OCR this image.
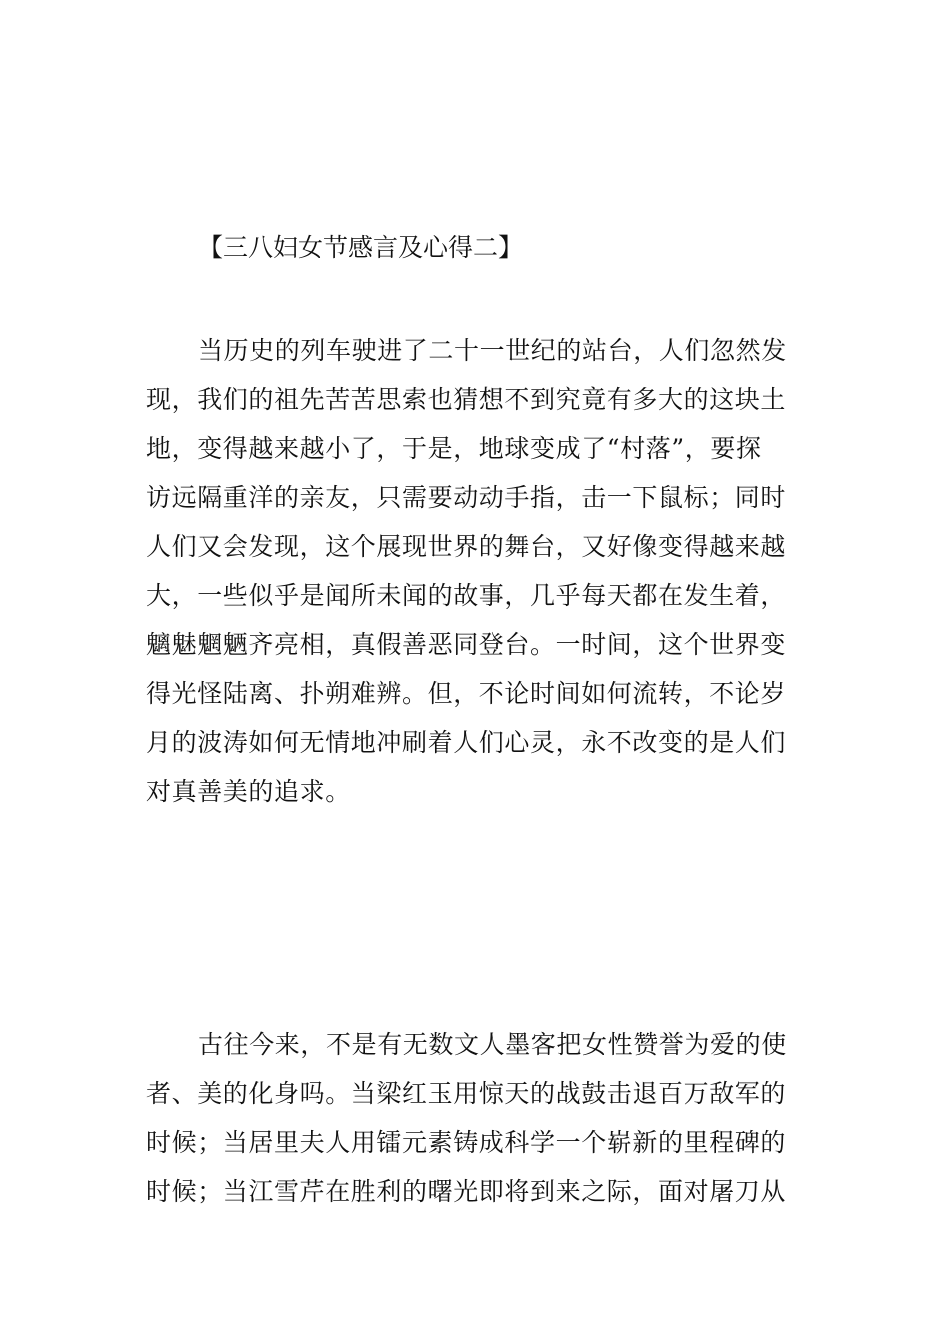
【三八妇女节感言及心得二】

当历史的列车驶进了二十一世纪的站台，人们忽然发
现，我们的祖先苦苦思索也猜想不到究竟有多大的这块土
地，变得越来越小了，于是，地球变成了“村落”，要探
访远隔重洋的亲友，只需要动动手指，击一下鼠标；同时
人们又会发现，这个展现世界的舞台，又好像变得越来越
大，一些似乎是闻所未闻的故事，几乎每天都在发生着，
魑魅魍魉齐亮相，真假善恶同登台。一时间，这个世界变
得光怪陆离、扑朔难辨。但，不论时间如何流转，不论岁
月的波涛如何无情地冲刷着人们心灵，永不改变的是人们
对真善美的追求。

古往今来，不是有无数文人墨客把女性赞誉为爱的使
者、美的化身吗。当梁红玉用惊天的战鼓击退百万敌军的
时候；当居里夫人用镭元素铸成科学一个崭新的里程碑的
时候；当江雪芹在胜利的曙光即将到来之际，面对屠刀从
